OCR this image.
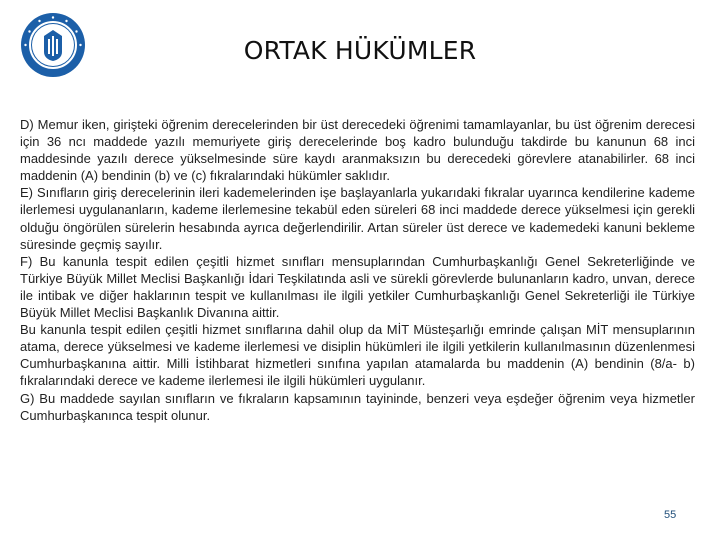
ORTAK HÜKÜMLER

D) Memur iken, girişteki öğrenim derecelerinden bir üst derecedeki öğrenimi tamamlayanlar, bu üst öğrenim derecesi için 36 ncı maddede yazılı memuriyete giriş derecelerinde boş kadro bulunduğu takdirde bu kanunun 68 inci maddesinde yazılı derece yükselmesinde süre kaydı aranmaksızın bu derecedeki görevlere atanabilirler. 68 inci maddenin (A) bendinin (b) ve (c) fıkralarındaki hükümler saklıdır.

E) Sınıfların giriş derecelerinin ileri kademelerinden işe başlayanlarla yukarıdaki fıkralar uyarınca kendilerine kademe ilerlemesi uygulananların, kademe ilerlemesine tekabül eden süreleri 68 inci maddede derece yükselmesi için gerekli olduğu öngörülen sürelerin hesabında ayrıca değerlendirilir. Artan süreler üst derece ve kademedeki kanuni bekleme süresinde geçmiş sayılır.

F) Bu kanunla tespit edilen çeşitli hizmet sınıfları mensuplarından Cumhurbaşkanlığı Genel Sekreterliğinde ve Türkiye Büyük Millet Meclisi Başkanlığı İdari Teşkilatında asli ve sürekli görevlerde bulunanların kadro, unvan, derece ile intibak ve diğer haklarının tespit ve kullanılması ile ilgili yetkiler Cumhurbaşkanlığı Genel Sekreterliği ile Türkiye Büyük Millet Meclisi Başkanlık Divanına aittir.

Bu kanunla tespit edilen çeşitli hizmet sınıflarına dahil olup da MİT Müsteşarlığı emrinde çalışan MİT mensuplarının atama, derece yükselmesi ve kademe ilerlemesi ve disiplin hükümleri ile ilgili yetkilerin kullanılmasının düzenlenmesi Cumhurbaşkanına aittir. Milli İstihbarat hizmetleri sınıfına yapılan atamalarda bu maddenin (A) bendinin (8/a- b) fıkralarındaki derece ve kademe ilerlemesi ile ilgili hükümleri uygulanır.

G) Bu maddede sayılan sınıfların ve fıkraların kapsamının tayininde, benzeri veya eşdeğer öğrenim veya hizmetler Cumhurbaşkanınca tespit olunur.

55
